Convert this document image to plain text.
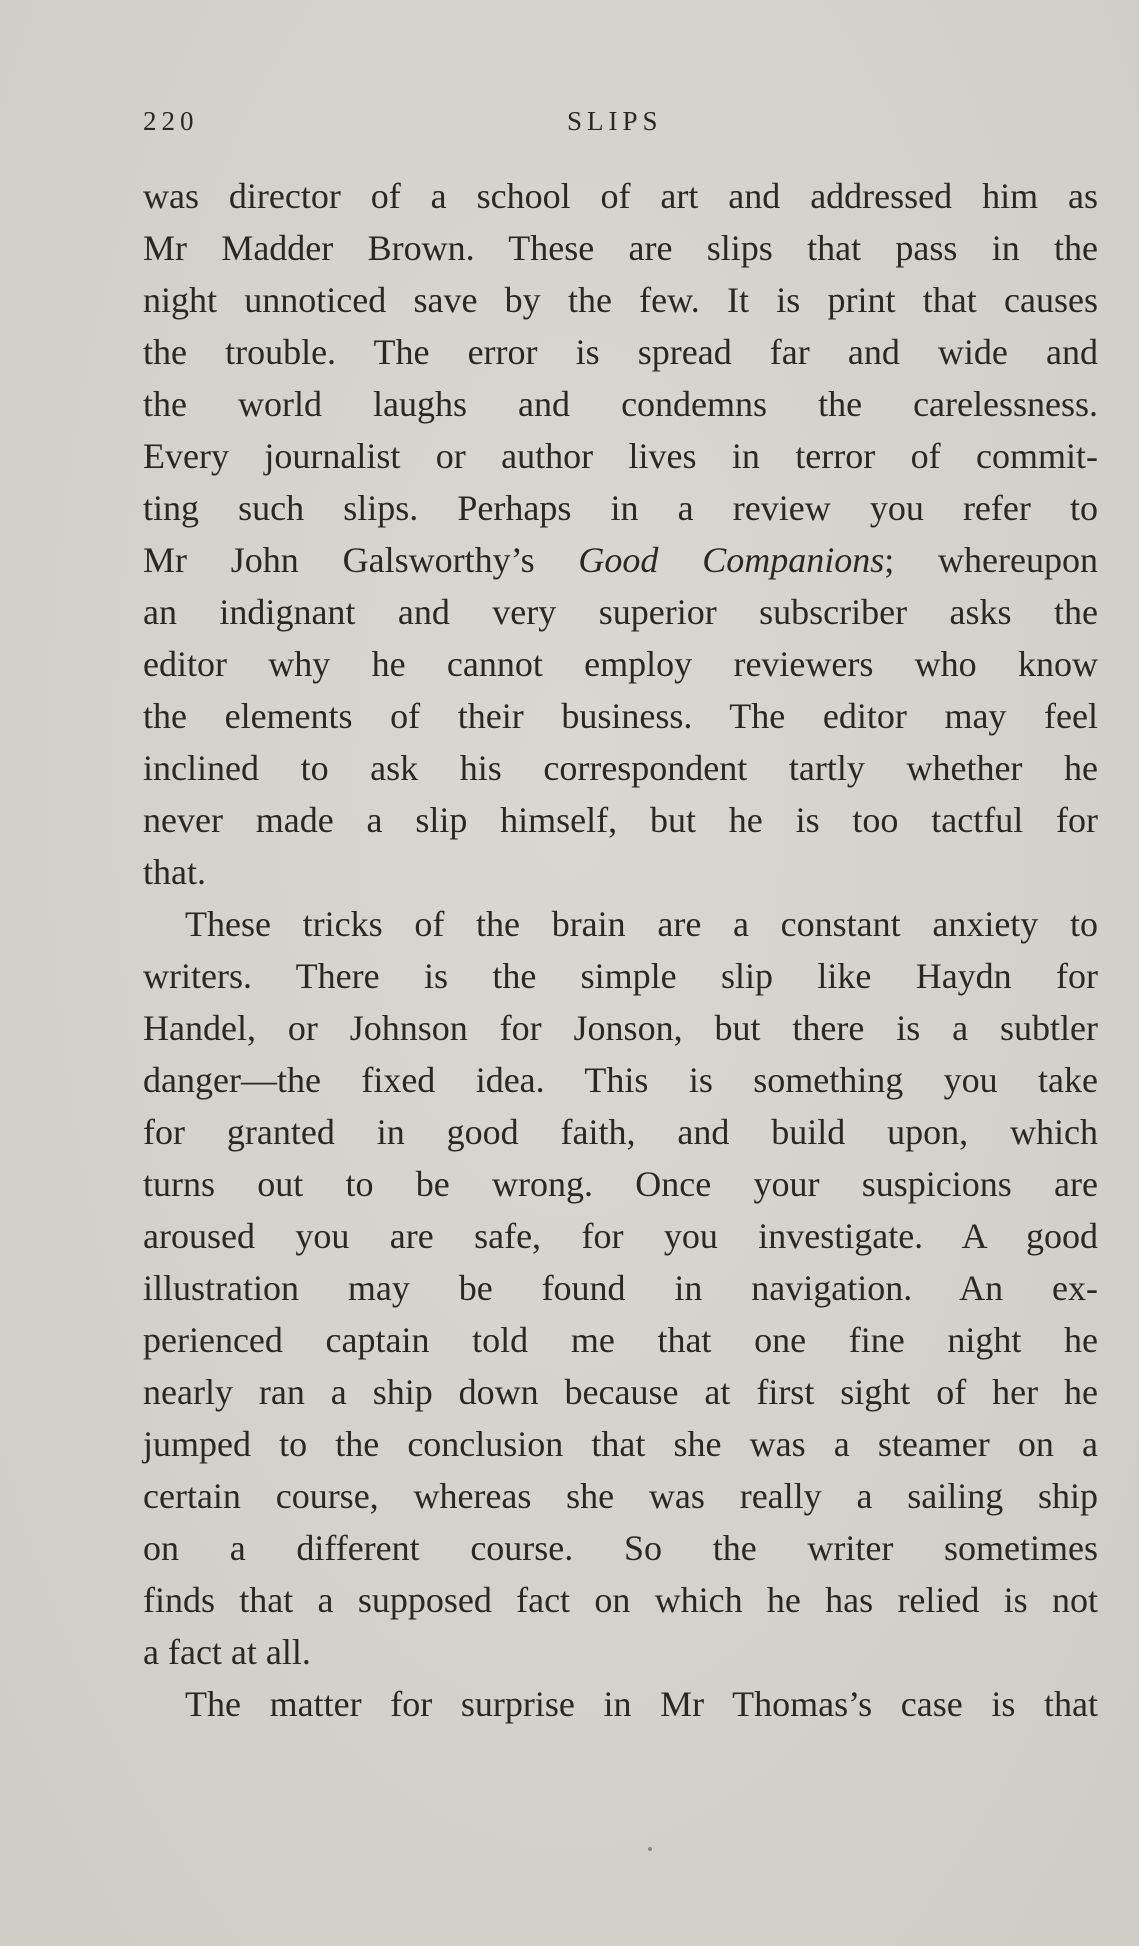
220	SLIPS
was director of a school of art and addressed him as
Mr Madder Brown. These are slips that pass in the
night unnoticed save by the few. It is print that causes
the trouble. The error is spread far and wide and
the world laughs and condemns the carelessness.
Every journalist or author lives in terror of commit-
ting such slips. Perhaps in a review you refer to
Mr John Galsworthy’s Good Companions; whereupon
an indignant and very superior subscriber asks the
editor why he cannot employ reviewers who know
the elements of their business. The editor may feel
inclined to ask his correspondent tartly whether he
never made a slip himself, but he is too tactful for
that.
These tricks of the brain are a constant anxiety to
writers. There is the simple slip like Haydn for
Handel, or Johnson for Jonson, but there is a subtler
danger—the fixed idea. This is something you take
for granted in good faith, and build upon, which
turns out to be wrong. Once your suspicions are
aroused you are safe, for you investigate. A good
illustration may be found in navigation. An ex-
perienced captain told me that one fine night he
nearly ran a ship down because at first sight of her he
jumped to the conclusion that she was a steamer on a
certain course, whereas she was really a sailing ship
on a different course. So the writer sometimes
finds that a supposed fact on which he has relied is not
a fact at all.
The matter for surprise in Mr Thomas’s case is that
